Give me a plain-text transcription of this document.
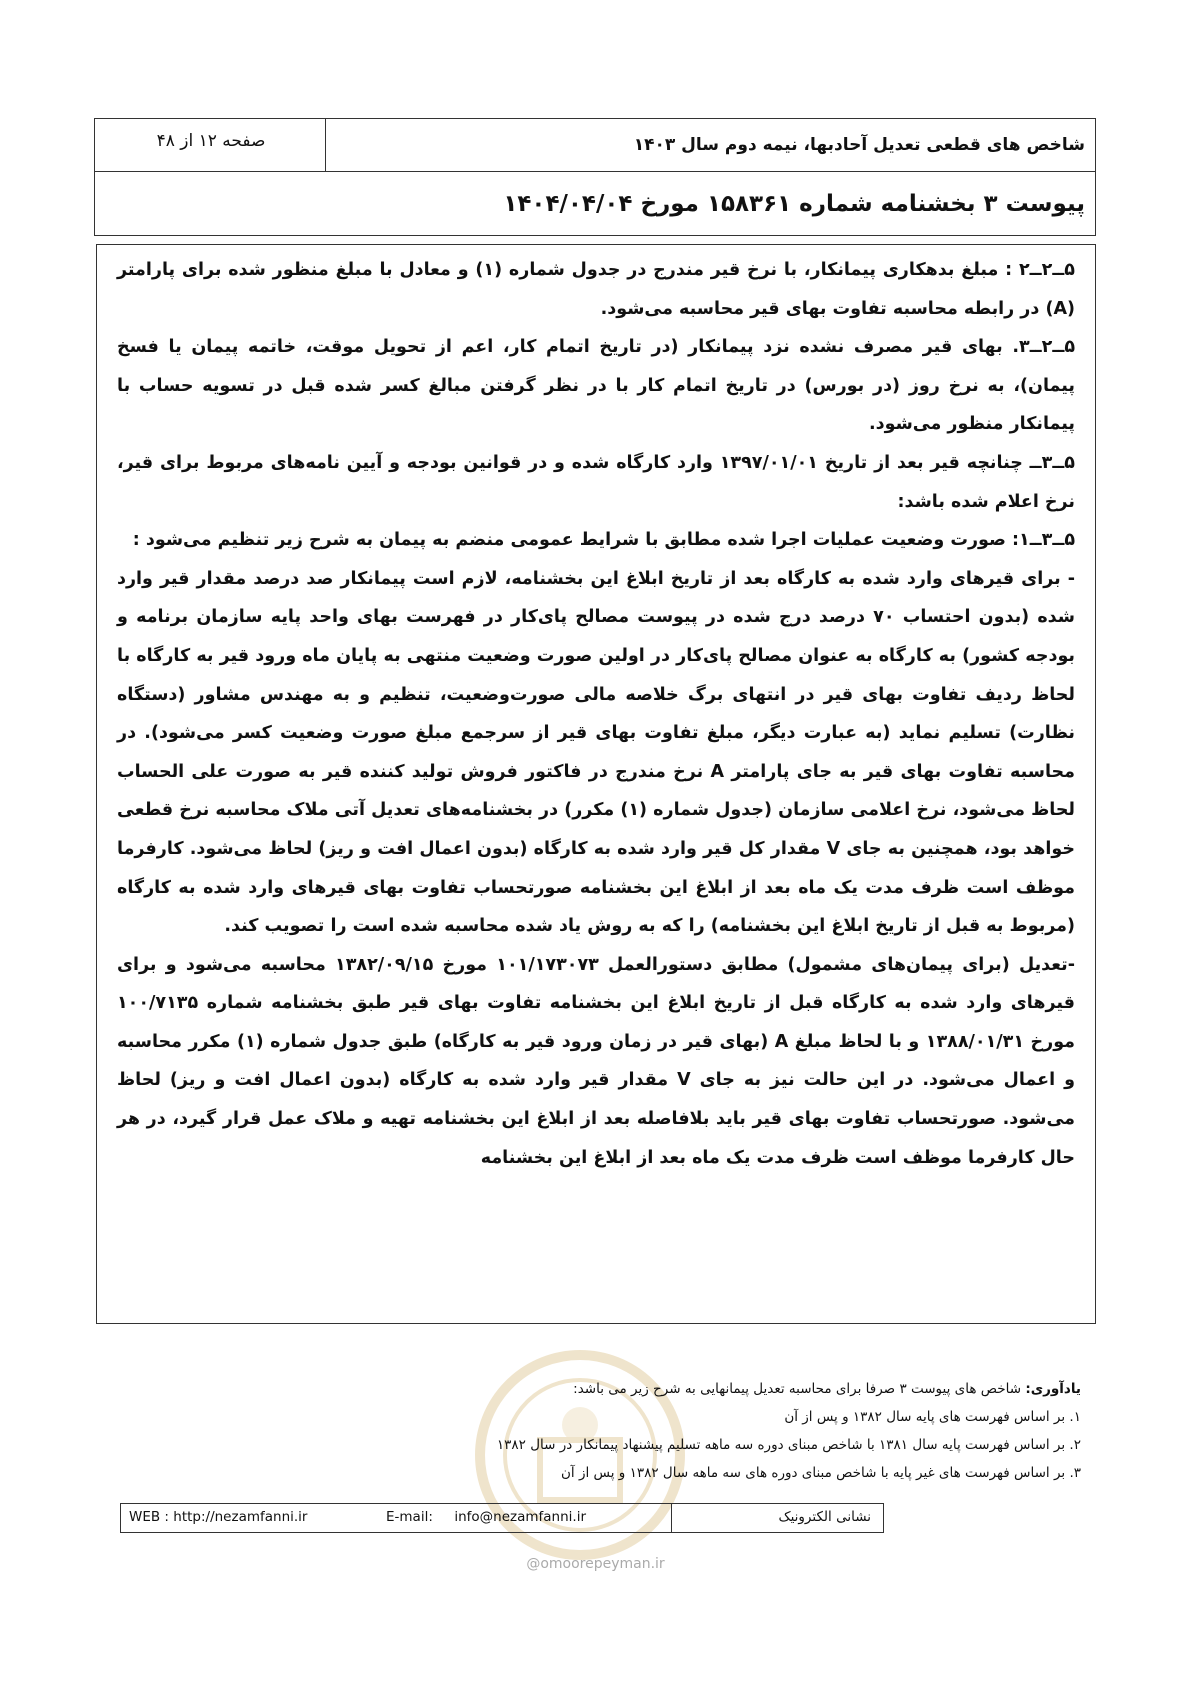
شاخص های قطعی تعدیل آحادبها، نیمه دوم سال ۱۴۰۳
صفحه ۱۲ از ۴۸
پیوست ۳ بخشنامه شماره ۱۵۸۳۶۱ مورخ ۱۴۰۴/۰۴/۰۴

۵ــ۲ــ۲ : مبلغ بدهکاری پیمانکار، با نرخ قیر مندرج در جدول شماره (۱) و معادل با مبلغ منظور شده برای پارامتر (A) در رابطه محاسبه تفاوت بهای قیر محاسبه می‌شود.

۵ــ۲ــ۳. بهای قیر مصرف نشده نزد پیمانکار (در تاریخ اتمام کار، اعم از تحویل موقت، خاتمه پیمان یا فسخ پیمان)، به نرخ روز (در بورس) در تاریخ اتمام کار با در نظر گرفتن مبالغ کسر شده قبل در تسویه حساب با پیمانکار منظور می‌شود.

۵ــ۳ــ چنانچه قیر بعد از تاریخ ۱۳۹۷/۰۱/۰۱ وارد کارگاه شده و در قوانین بودجه و آیین نامه‌های مربوط برای قیر، نرخ اعلام شده باشد:

۵ــ۳ــ۱: صورت وضعیت عملیات اجرا شده مطابق با شرایط عمومی منضم به پیمان به شرح زیر تنظیم می‌شود :

- برای قیرهای وارد شده به کارگاه بعد از تاریخ ابلاغ این بخشنامه، لازم است پیمانکار صد درصد مقدار قیر وارد شده (بدون احتساب ۷۰ درصد درج شده در پیوست مصالح پای‌کار در فهرست بهای واحد پایه سازمان برنامه و بودجه کشور) به کارگاه به عنوان مصالح پای‌کار در اولین صورت وضعیت منتهی به پایان ماه ورود قیر به کارگاه با لحاظ ردیف تفاوت بهای قیر در انتهای برگ خلاصه مالی صورت‌وضعیت، تنظیم و به مهندس مشاور (دستگاه نظارت) تسلیم نماید (به عبارت دیگر، مبلغ تفاوت بهای قیر از سرجمع مبلغ صورت وضعیت کسر می‌شود). در محاسبه تفاوت بهای قیر به جای پارامتر A نرخ مندرج در فاکتور فروش تولید کننده قیر به صورت علی الحساب لحاظ می‌شود، نرخ اعلامی سازمان (جدول شماره (۱) مکرر) در بخشنامه‌های تعدیل آتی ملاک محاسبه نرخ قطعی خواهد بود، همچنین به جای V مقدار کل قیر وارد شده به کارگاه (بدون اعمال افت و ریز) لحاظ می‌شود. کارفرما موظف است ظرف مدت یک ماه بعد از ابلاغ این بخشنامه صورتحساب تفاوت بهای قیرهای وارد شده به کارگاه (مربوط به قبل از تاریخ ابلاغ این بخشنامه) را که به روش یاد شده محاسبه شده است را تصویب کند.

-تعدیل (برای پیمان‌های مشمول) مطابق دستورالعمل ۱۰۱/۱۷۳۰۷۳ مورخ ۱۳۸۲/۰۹/۱۵ محاسبه می‌شود و برای قیرهای وارد شده به کارگاه قبل از تاریخ ابلاغ این بخشنامه تفاوت بهای قیر طبق بخشنامه شماره ۱۰۰/۷۱۳۵ مورخ ۱۳۸۸/۰۱/۳۱ و با لحاظ مبلغ A (بهای قیر در زمان ورود قیر به کارگاه) طبق جدول شماره (۱) مکرر محاسبه و اعمال می‌شود. در این حالت نیز به جای V مقدار قیر وارد شده به کارگاه (بدون اعمال افت و ریز) لحاظ می‌شود. صورتحساب تفاوت بهای قیر باید بلافاصله بعد از ابلاغ این بخشنامه تهیه و ملاک عمل قرار گیرد، در هر حال کارفرما موظف است ظرف مدت یک ماه بعد از ابلاغ این بخشنامه

یادآوری: شاخص های پیوست ۳ صرفا برای محاسبه تعدیل پیمانهایی به شرح زیر می باشد:
۱. بر اساس فهرست های پایه سال ۱۳۸۲ و پس از آن
۲. بر اساس فهرست پایه سال ۱۳۸۱ با شاخص مبنای دوره سه ماهه تسلیم پیشنهاد پیمانکار در سال ۱۳۸۲
۳. بر اساس فهرست های غیر پایه با شاخص مبنای دوره های سه ماهه سال ۱۳۸۲ و پس از آن
WEB : http://nezamfanni.ir	E-mail: info@nezamfanni.ir	نشانی الکترونیک
@omoorepeyman.ir
